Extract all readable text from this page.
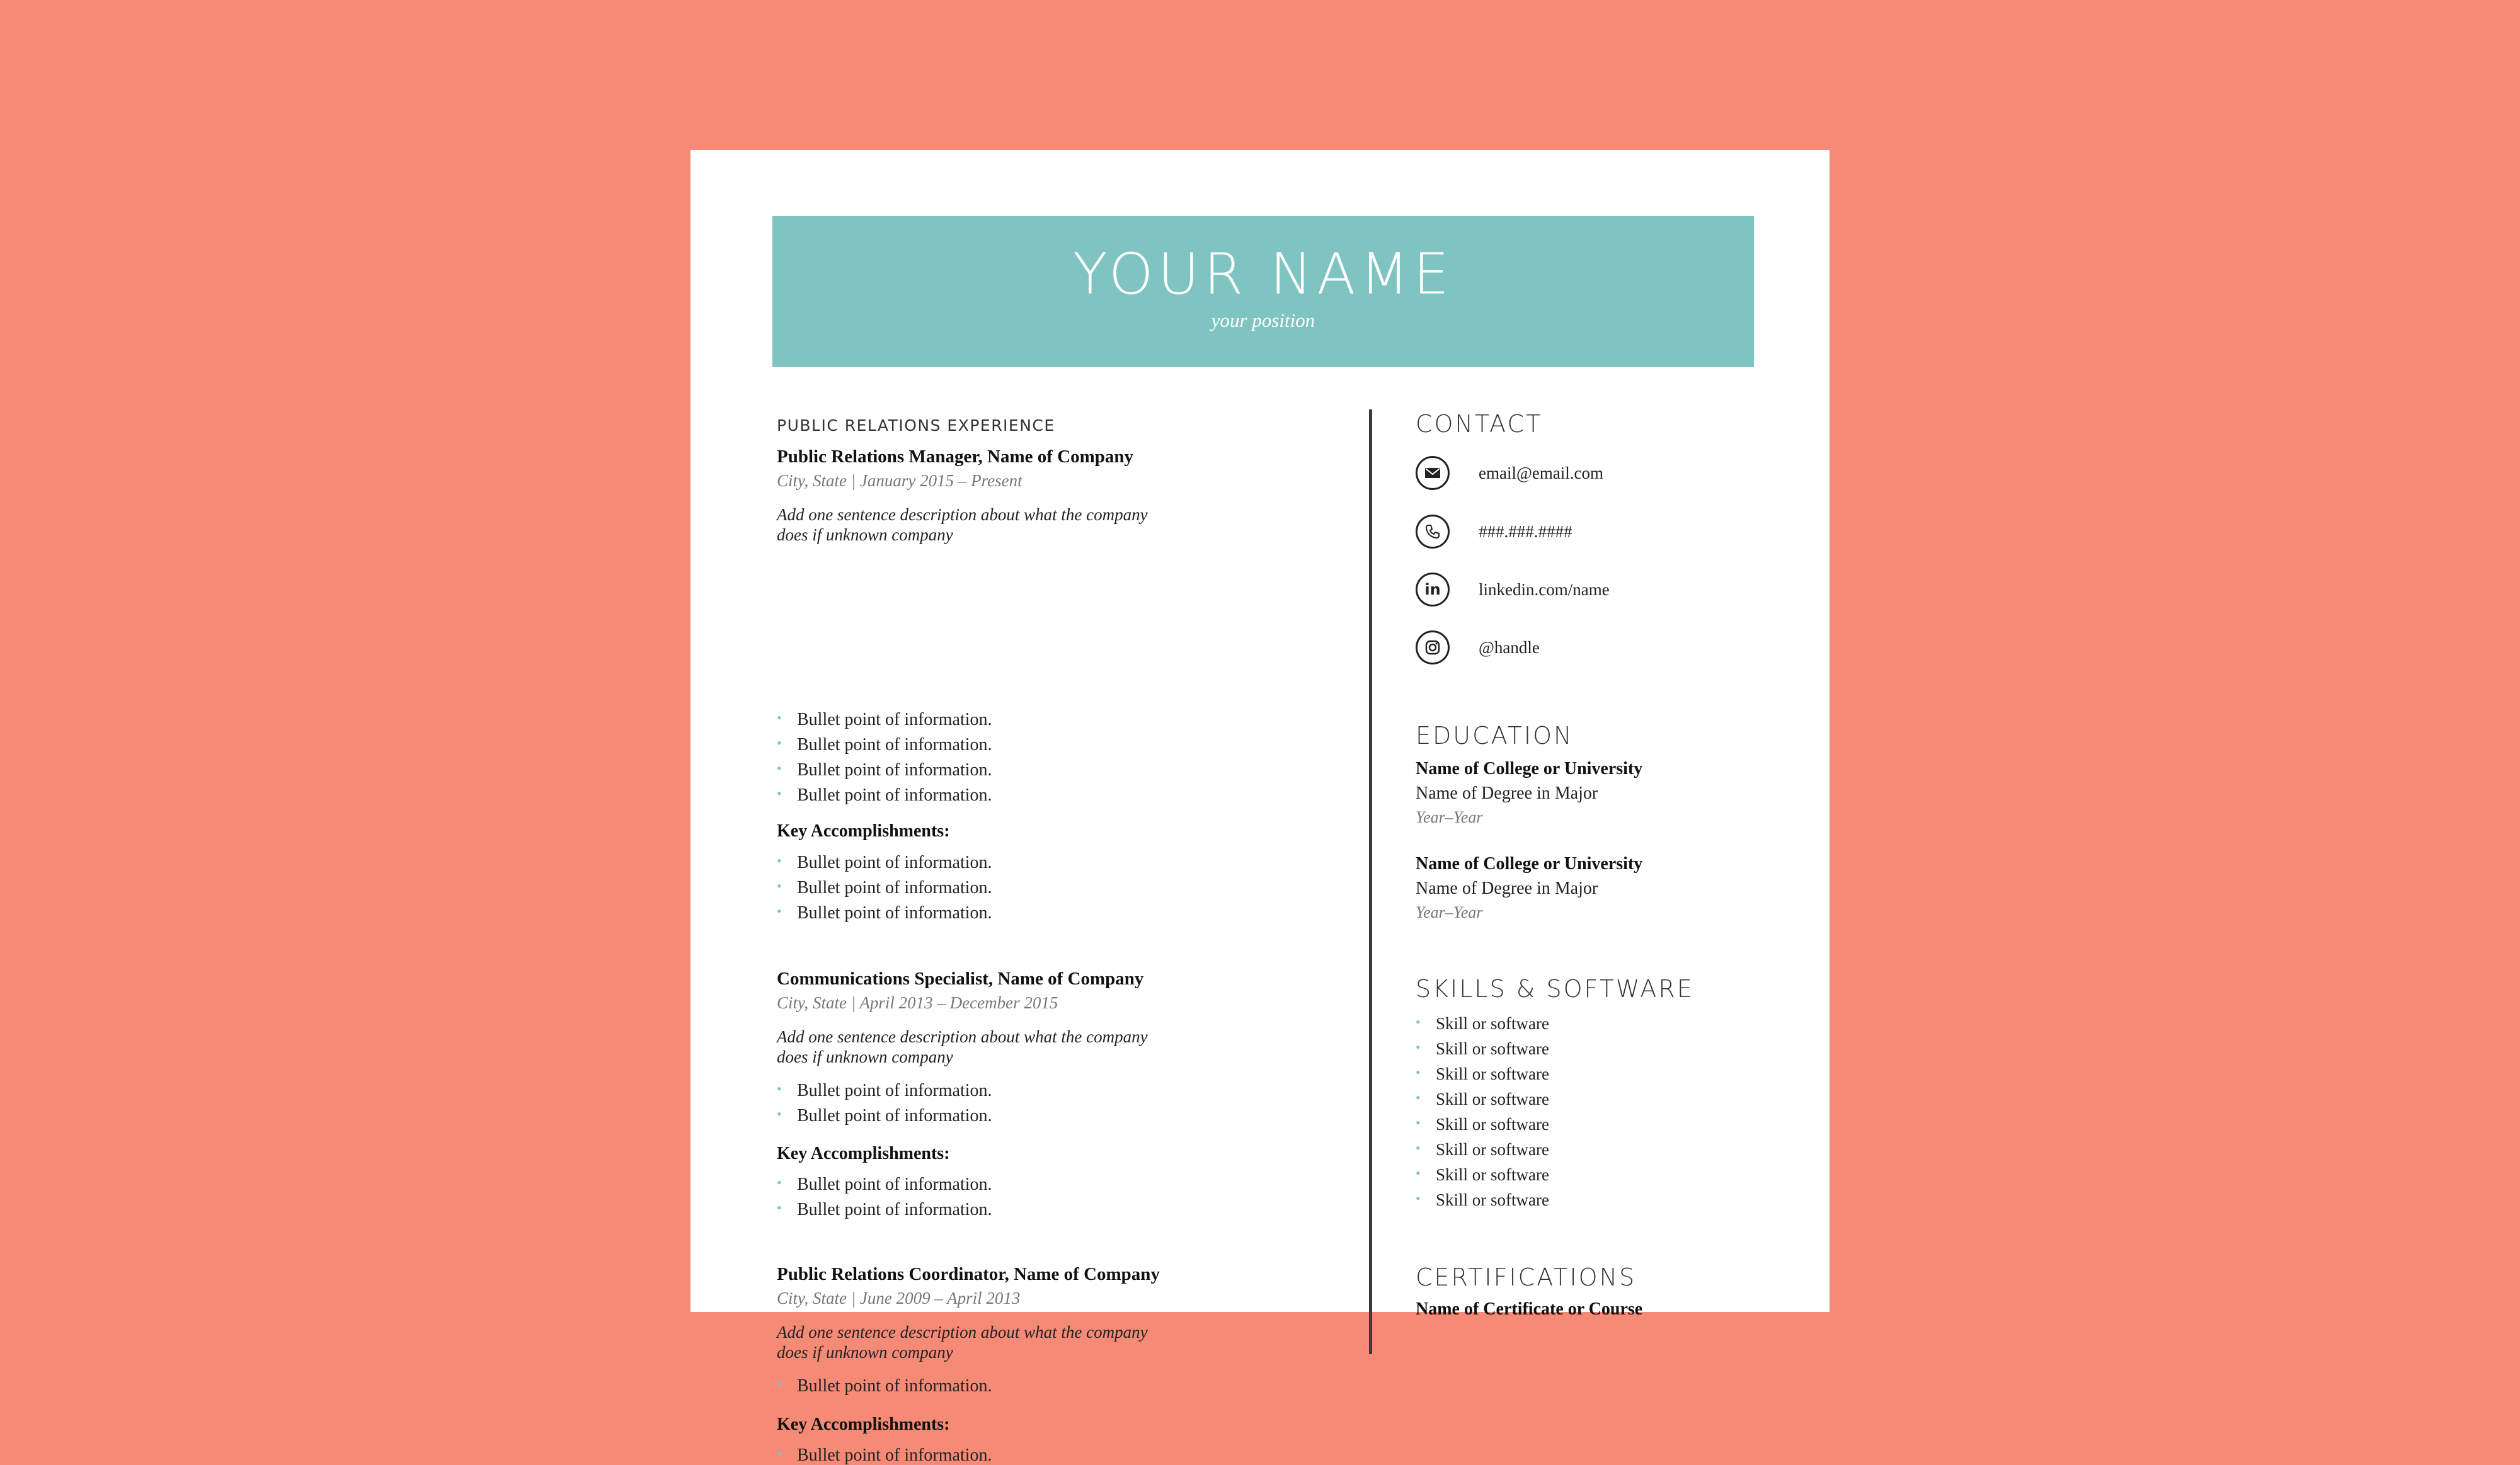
YOUR NAME
your position
PUBLIC RELATIONS EXPERIENCE
Public Relations Manager, Name of Company
City, State | January 2015 – Present
Add one sentence description about what the company does if unknown company
• Bullet point of information.
• Bullet point of information.
• Bullet point of information.
• Bullet point of information.
Key Accomplishments:
• Bullet point of information.
• Bullet point of information.
• Bullet point of information.
Communications Specialist, Name of Company
City, State | April 2013 – December 2015
Add one sentence description about what the company does if unknown company
• Bullet point of information.
• Bullet point of information.
Key Accomplishments:
• Bullet point of information.
• Bullet point of information.
Public Relations Coordinator, Name of Company
City, State | June 2009 – April 2013
Add one sentence description about what the company does if unknown company
• Bullet point of information.
Key Accomplishments:
• Bullet point of information.
CONTACT
email@email.com
###.###.####
in	linkedin.com/name
@handle
EDUCATION
Name of College or University
Name of Degree in Major
Year–Year
Name of College or University
Name of Degree in Major
Year–Year
SKILLS & SOFTWARE
• Skill or software
• Skill or software
• Skill or software
• Skill or software
• Skill or software
• Skill or software
• Skill or software
• Skill or software
CERTIFICATIONS
Name of Certificate or Course
